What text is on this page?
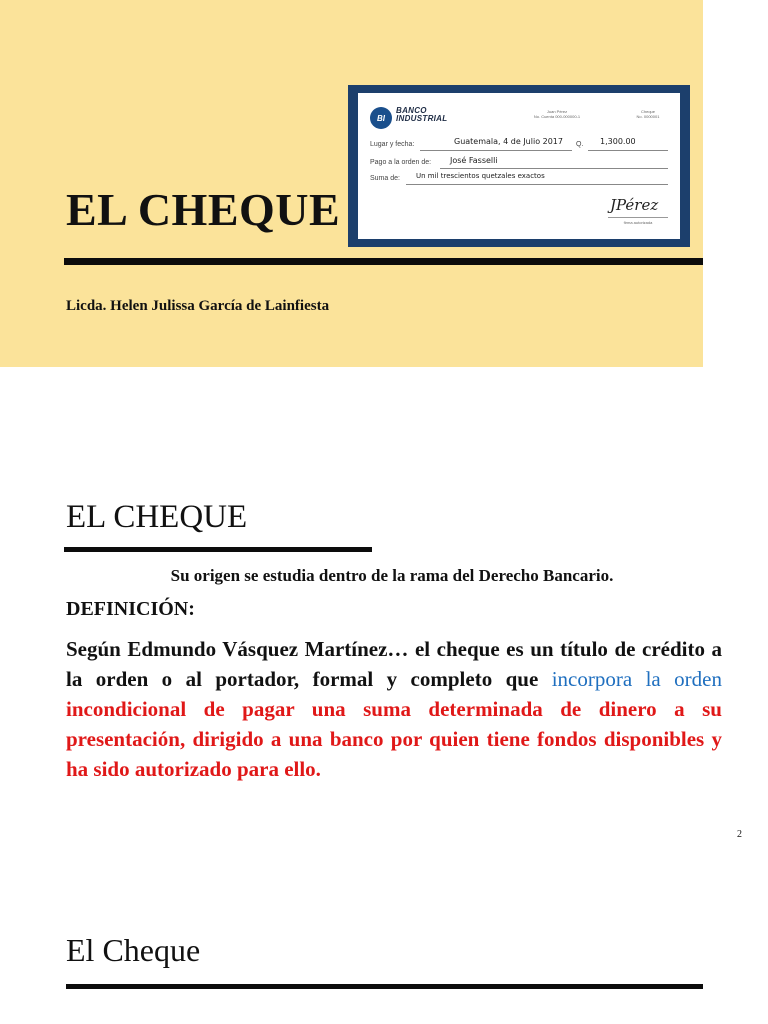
EL CHEQUE
BI
BANCO INDUSTRIAL
Juan Pérez
No. Cuenta 000-000000-1
Cheque
No. 0000001
Lugar y fecha:	Guatemala, 4 de Julio 2017 Q. 1,300.00
Pago a la orden de: José Fasselli
Suma de: Un mil trescientos quetzales exactos
JPérez
firma autorizada
Licda. Helen Julissa García de Lainfiesta
EL CHEQUE
Su origen se estudia dentro de la rama del Derecho Bancario.
DEFINICIÓN:
Según Edmundo Vásquez Martínez… el cheque es un título de crédito a la orden o al portador, formal y completo que incorpora la orden incondicional de pagar una suma determinada de dinero a su presentación, dirigido a una banco por quien tiene fondos disponibles y ha sido autorizado para ello.
2
El Cheque
